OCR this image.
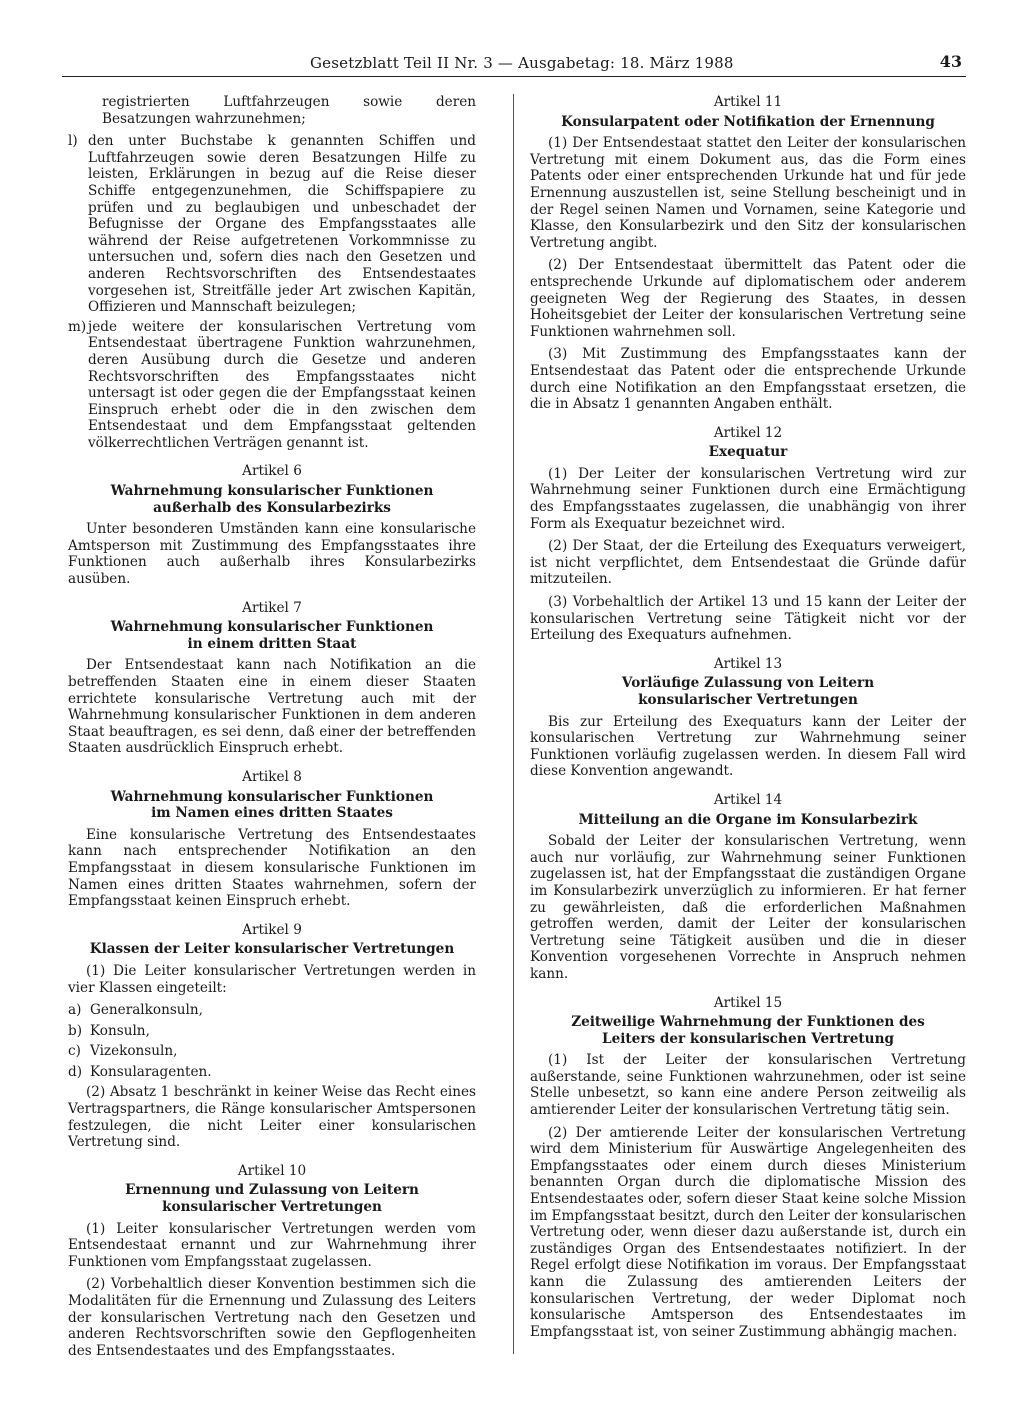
Gesetzblatt Teil II Nr. 3 — Ausgabetag: 18. März 1988	43

registrierten Luftfahrzeugen sowie deren Besatzungen wahrzunehmen;

l) den unter Buchstabe k genannten Schiffen und Luftfahrzeugen sowie deren Besatzungen Hilfe zu leisten, Erklärungen in bezug auf die Reise dieser Schiffe entgegenzunehmen, die Schiffspapiere zu prüfen und zu beglaubigen und unbeschadet der Befugnisse der Organe des Empfangsstaates alle während der Reise aufgetretenen Vorkommnisse zu untersuchen und, sofern dies nach den Gesetzen und anderen Rechtsvorschriften des Entsendestaates vorgesehen ist, Streitfälle jeder Art zwischen Kapitän, Offizieren und Mannschaft beizulegen;
m) jede weitere der konsularischen Vertretung vom Entsendestaat übertragene Funktion wahrzunehmen, deren Ausübung durch die Gesetze und anderen Rechtsvorschriften des Empfangsstaates nicht untersagt ist oder gegen die der Empfangsstaat keinen Einspruch erhebt oder die in den zwischen dem Entsendestaat und dem Empfangsstaat geltenden völkerrechtlichen Verträgen genannt ist.
Artikel 6
Wahrnehmung konsularischer Funktionen
außerhalb des Konsularbezirks

Unter besonderen Umständen kann eine konsularische Amtsperson mit Zustimmung des Empfangsstaates ihre Funktionen auch außerhalb ihres Konsularbezirks ausüben.

Artikel 7
Wahrnehmung konsularischer Funktionen
in einem dritten Staat

Der Entsendestaat kann nach Notifikation an die betreffenden Staaten eine in einem dieser Staaten errichtete konsularische Vertretung auch mit der Wahrnehmung konsularischer Funktionen in dem anderen Staat beauftragen, es sei denn, daß einer der betreffenden Staaten ausdrücklich Einspruch erhebt.

Artikel 8
Wahrnehmung konsularischer Funktionen
im Namen eines dritten Staates

Eine konsularische Vertretung des Entsendestaates kann nach entsprechender Notifikation an den Empfangsstaat in diesem konsularische Funktionen im Namen eines dritten Staates wahrnehmen, sofern der Empfangsstaat keinen Einspruch erhebt.

Artikel 9
Klassen der Leiter konsularischer Vertretungen

(1) Die Leiter konsularischer Vertretungen werden in vier Klassen eingeteilt:

a) Generalkonsuln,
b) Konsuln,
c) Vizekonsuln,
d) Konsularagenten.

(2) Absatz 1 beschränkt in keiner Weise das Recht eines Vertragspartners, die Ränge konsularischer Amtspersonen festzulegen, die nicht Leiter einer konsularischen Vertretung sind.

Artikel 10
Ernennung und Zulassung von Leitern
konsularischer Vertretungen

(1) Leiter konsularischer Vertretungen werden vom Entsendestaat ernannt und zur Wahrnehmung ihrer Funktionen vom Empfangsstaat zugelassen.

(2) Vorbehaltlich dieser Konvention bestimmen sich die Modalitäten für die Ernennung und Zulassung des Leiters der konsularischen Vertretung nach den Gesetzen und anderen Rechtsvorschriften sowie den Gepflogenheiten des Entsendestaates und des Empfangsstaates.

Artikel 11
Konsularpatent oder Notifikation der Ernennung

(1) Der Entsendestaat stattet den Leiter der konsularischen Vertretung mit einem Dokument aus, das die Form eines Patents oder einer entsprechenden Urkunde hat und für jede Ernennung auszustellen ist, seine Stellung bescheinigt und in der Regel seinen Namen und Vornamen, seine Kategorie und Klasse, den Konsularbezirk und den Sitz der konsularischen Vertretung angibt.

(2) Der Entsendestaat übermittelt das Patent oder die entsprechende Urkunde auf diplomatischem oder anderem geeigneten Weg der Regierung des Staates, in dessen Hoheitsgebiet der Leiter der konsularischen Vertretung seine Funktionen wahrnehmen soll.

(3) Mit Zustimmung des Empfangsstaates kann der Entsendestaat das Patent oder die entsprechende Urkunde durch eine Notifikation an den Empfangsstaat ersetzen, die die in Absatz 1 genannten Angaben enthält.

Artikel 12
Exequatur

(1) Der Leiter der konsularischen Vertretung wird zur Wahrnehmung seiner Funktionen durch eine Ermächtigung des Empfangsstaates zugelassen, die unabhängig von ihrer Form als Exequatur bezeichnet wird.

(2) Der Staat, der die Erteilung des Exequaturs verweigert, ist nicht verpflichtet, dem Entsendestaat die Gründe dafür mitzuteilen.

(3) Vorbehaltlich der Artikel 13 und 15 kann der Leiter der konsularischen Vertretung seine Tätigkeit nicht vor der Erteilung des Exequaturs aufnehmen.

Artikel 13
Vorläufige Zulassung von Leitern
konsularischer Vertretungen

Bis zur Erteilung des Exequaturs kann der Leiter der konsularischen Vertretung zur Wahrnehmung seiner Funktionen vorläufig zugelassen werden. In diesem Fall wird diese Konvention angewandt.

Artikel 14
Mitteilung an die Organe im Konsularbezirk

Sobald der Leiter der konsularischen Vertretung, wenn auch nur vorläufig, zur Wahrnehmung seiner Funktionen zugelassen ist, hat der Empfangsstaat die zuständigen Organe im Konsularbezirk unverzüglich zu informieren. Er hat ferner zu gewährleisten, daß die erforderlichen Maßnahmen getroffen werden, damit der Leiter der konsularischen Vertretung seine Tätigkeit ausüben und die in dieser Konvention vorgesehenen Vorrechte in Anspruch nehmen kann.

Artikel 15
Zeitweilige Wahrnehmung der Funktionen des
Leiters der konsularischen Vertretung

(1) Ist der Leiter der konsularischen Vertretung außerstande, seine Funktionen wahrzunehmen, oder ist seine Stelle unbesetzt, so kann eine andere Person zeitweilig als amtierender Leiter der konsularischen Vertretung tätig sein.

(2) Der amtierende Leiter der konsularischen Vertretung wird dem Ministerium für Auswärtige Angelegenheiten des Empfangsstaates oder einem durch dieses Ministerium benannten Organ durch die diplomatische Mission des Entsendestaates oder, sofern dieser Staat keine solche Mission im Empfangsstaat besitzt, durch den Leiter der konsularischen Vertretung oder, wenn dieser dazu außerstande ist, durch ein zuständiges Organ des Entsendestaates notifiziert. In der Regel erfolgt diese Notifikation im voraus. Der Empfangsstaat kann die Zulassung des amtierenden Leiters der konsularischen Vertretung, der weder Diplomat noch konsularische Amtsperson des Entsendestaates im Empfangsstaat ist, von seiner Zustimmung abhängig machen.
